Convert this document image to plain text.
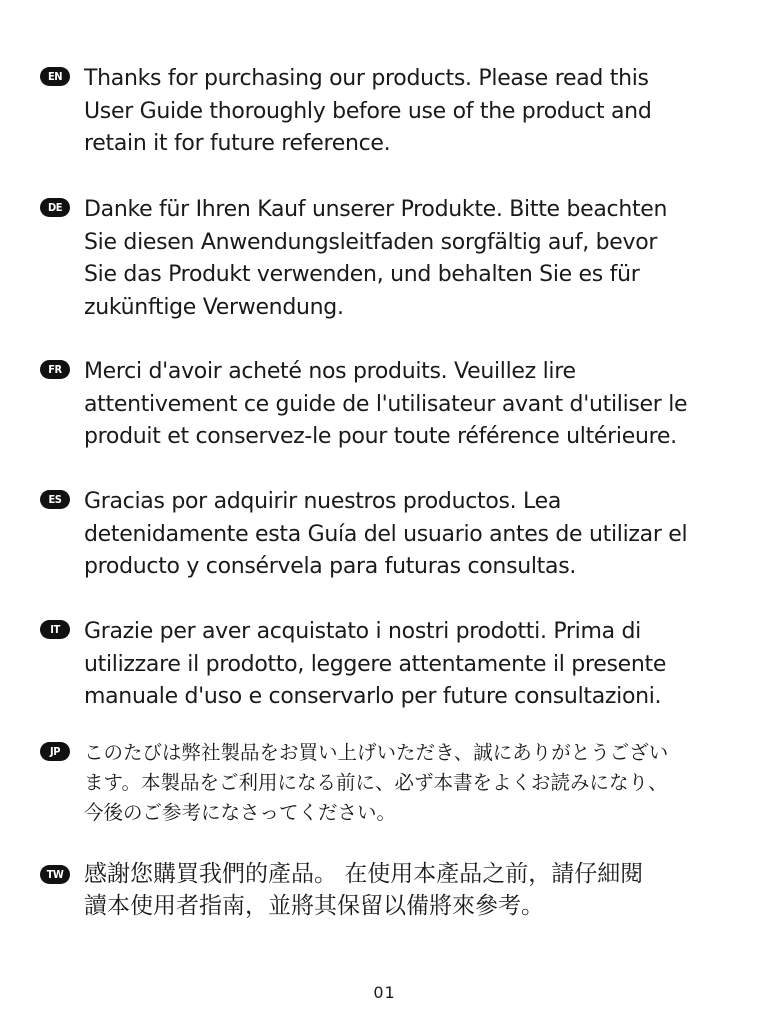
EN Thanks for purchasing our products. Please read this
User Guide thoroughly before use of the product and
retain it for future reference.
DE	Danke für Ihren Kauf unserer Produkte. Bitte beachten
Sie diesen Anwendungsleitfaden sorgfältig auf, bevor
Sie das Produkt verwenden, und behalten Sie es für
zukünftige Verwendung.
FR	Merci d'avoir acheté nos produits. Veuillez lire
attentivement ce guide de l'utilisateur avant d'utiliser le
produit et conservez-le pour toute référence ultérieure.
ES	Gracias por adquirir nuestros productos. Lea
detenidamente esta Guía del usuario antes de utilizar el
producto y consérvela para futuras consultas.
IT	Grazie per aver acquistato i nostri prodotti. Prima di
utilizzare il prodotto, leggere attentamente il presente
manuale d'uso e conservarlo per future consultazioni.
JP	このたびは弊社製品をお買い上げいただき、誠にありがとうござい
ます。本製品をご利用になる前に、必ず本書をよくお読みになり、
今後のご参考になさってください。
TW 感謝您購買我們的產品。 在使用本產品之前，請仔細閱
讀本使用者指南，並將其保留以備將來參考。
01
